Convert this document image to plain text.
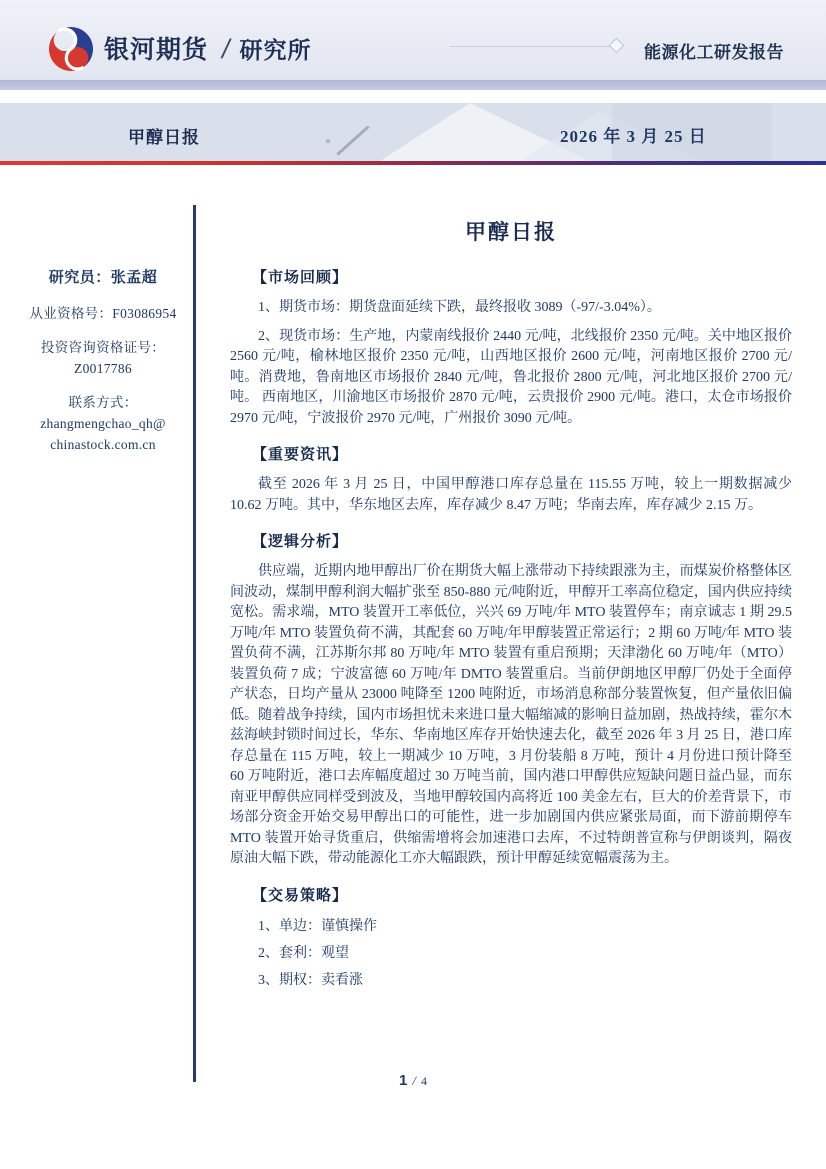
银河期货 / 研究所	能源化工研发报告
甲醇日报	2026 年 3 月 25 日
研究员：张孟超
从业资格号：F03086954
投资咨询资格证号：
Z0017786
联系方式：
zhangmengchao_qh@
chinastock.com.cn
甲醇日报
【市场回顾】

1、期货市场：期货盘面延续下跌，最终报收 3089（-97/-3.04%）。

2、现货市场：生产地，内蒙南线报价 2440 元/吨，北线报价 2350 元/吨。关中地区报价 2560 元/吨，榆林地区报价 2350 元/吨，山西地区报价 2600 元/吨，河南地区报价 2700 元/吨。消费地，鲁南地区市场报价 2840 元/吨，鲁北报价 2800 元/吨，河北地区报价 2700 元/吨。 西南地区，川渝地区市场报价 2870 元/吨，云贵报价 2900 元/吨。港口，太仓市场报价 2970 元/吨，宁波报价 2970 元/吨，广州报价 3090 元/吨。

【重要资讯】

截至 2026 年 3 月 25 日，中国甲醇港口库存总量在 115.55 万吨，较上一期数据减少 10.62 万吨。其中，华东地区去库，库存减少 8.47 万吨；华南去库，库存减少 2.15 万。

【逻辑分析】

供应端，近期内地甲醇出厂价在期货大幅上涨带动下持续跟涨为主，而煤炭价格整体区间波动，煤制甲醇利润大幅扩张至 850-880 元/吨附近，甲醇开工率高位稳定，国内供应持续宽松。需求端，MTO 装置开工率低位，兴兴 69 万吨/年 MTO 装置停车；南京诚志 1 期 29.5 万吨/年 MTO 装置负荷不满，其配套 60 万吨/年甲醇装置正常运行；2 期 60 万吨/年 MTO 装置负荷不满，江苏斯尔邦 80 万吨/年 MTO 装置有重启预期；天津渤化 60 万吨/年（MTO）装置负荷 7 成；宁波富德 60 万吨/年 DMTO 装置重启。当前伊朗地区甲醇厂仍处于全面停产状态，日均产量从 23000 吨降至 1200 吨附近，市场消息称部分装置恢复，但产量依旧偏低。随着战争持续，国内市场担忧未来进口量大幅缩减的影响日益加剧，热战持续，霍尔木兹海峡封锁时间过长，华东、华南地区库存开始快速去化，截至 2026 年 3 月 25 日，港口库存总量在 115 万吨，较上一期减少 10 万吨，3 月份装船 8 万吨，预计 4 月份进口预计降至 60 万吨附近，港口去库幅度超过 30 万吨当前，国内港口甲醇供应短缺问题日益凸显，而东南亚甲醇供应同样受到波及，当地甲醇较国内高将近 100 美金左右，巨大的价差背景下，市场部分资金开始交易甲醇出口的可能性，进一步加剧国内供应紧张局面，而下游前期停车 MTO 装置开始寻货重启，供缩需增将会加速港口去库，不过特朗普宣称与伊朗谈判，隔夜原油大幅下跌，带动能源化工亦大幅跟跌，预计甲醇延续宽幅震荡为主。

【交易策略】

1、单边：谨慎操作

2、套利：观望

3、期权：卖看涨

1 / 4
